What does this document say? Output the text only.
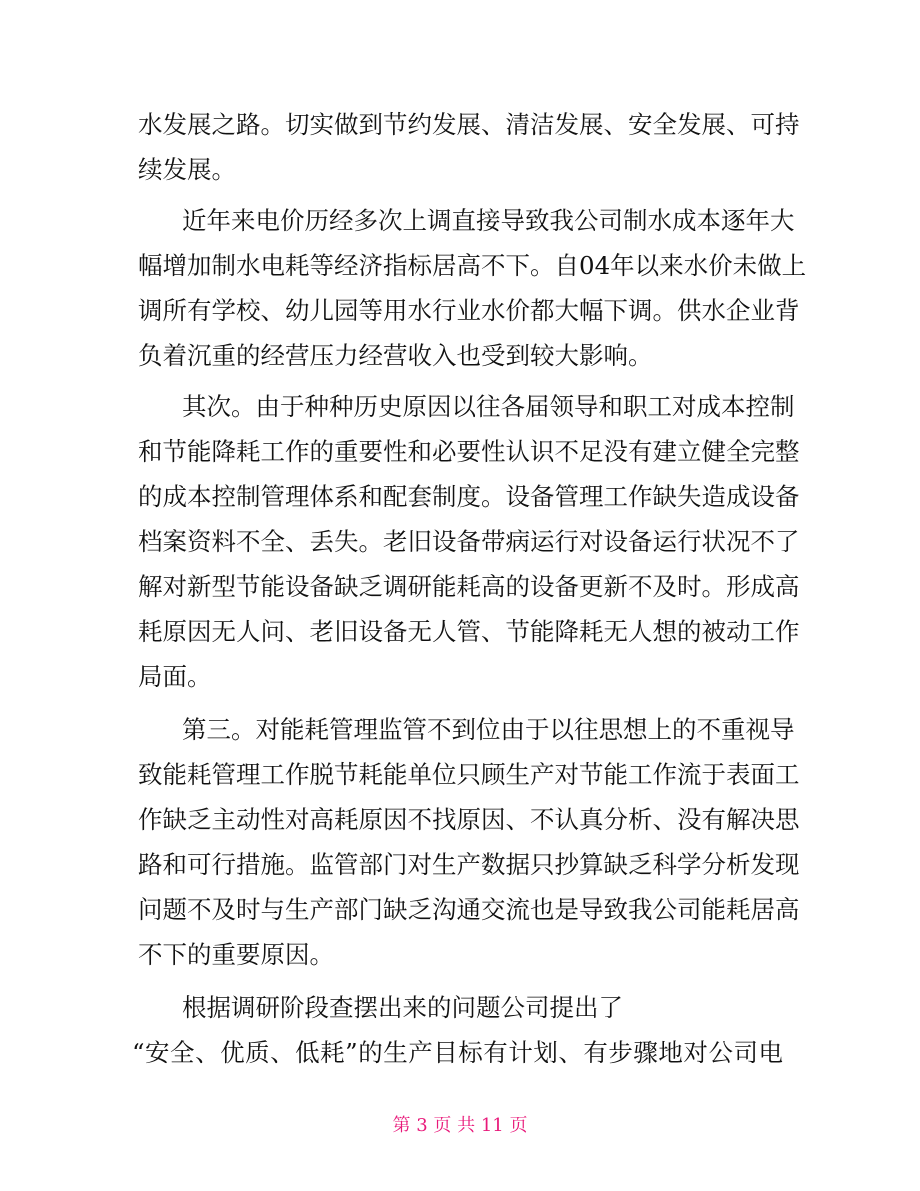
水发展之路。切实做到节约发展、清洁发展、安全发展、可持
续发展。
近年来电价历经多次上调直接导致我公司制水成本逐年大
幅增加制水电耗等经济指标居高不下。自04年以来水价未做上
调所有学校、幼儿园等用水行业水价都大幅下调。供水企业背
负着沉重的经营压力经营收入也受到较大影响。
其次。由于种种历史原因以往各届领导和职工对成本控制
和节能降耗工作的重要性和必要性认识不足没有建立健全完整
的成本控制管理体系和配套制度。设备管理工作缺失造成设备
档案资料不全、丢失。老旧设备带病运行对设备运行状况不了
解对新型节能设备缺乏调研能耗高的设备更新不及时。形成高
耗原因无人问、老旧设备无人管、节能降耗无人想的被动工作
局面。
第三。对能耗管理监管不到位由于以往思想上的不重视导
致能耗管理工作脱节耗能单位只顾生产对节能工作流于表面工
作缺乏主动性对高耗原因不找原因、不认真分析、没有解决思
路和可行措施。监管部门对生产数据只抄算缺乏科学分析发现
问题不及时与生产部门缺乏沟通交流也是导致我公司能耗居高
不下的重要原因。
根据调研阶段查摆出来的问题公司提出了
“安全、优质、低耗”的生产目标有计划、有步骤地对公司电
第 3 页 共 11 页
